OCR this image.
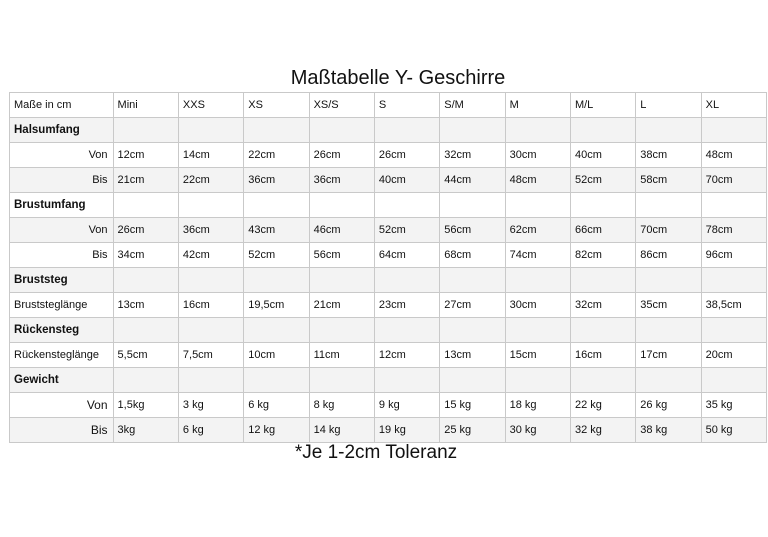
Maßtabelle Y- Geschirre
Maße in cm	Mini	XXS	XS	XS/S	S	S/M	M	M/L	L	XL
Halsumfang										
Von	12cm	14cm	22cm	26cm	26cm	32cm	30cm	40cm	38cm	48cm
Bis	21cm	22cm	36cm	36cm	40cm	44cm	48cm	52cm	58cm	70cm
Brustumfang										
Von	26cm	36cm	43cm	46cm	52cm	56cm	62cm	66cm	70cm	78cm
Bis	34cm	42cm	52cm	56cm	64cm	68cm	74cm	82cm	86cm	96cm
Bruststeg										
Bruststeglänge	13cm	16cm	19,5cm	21cm	23cm	27cm	30cm	32cm	35cm	38,5cm
Rückensteg										
Rückensteglänge	5,5cm	7,5cm	10cm	11cm	12cm	13cm	15cm	16cm	17cm	20cm
Gewicht										
Von	1,5kg	3 kg	6 kg	8 kg	9 kg	15 kg	18 kg	22 kg	26 kg	35 kg
Bis	3kg	6 kg	12 kg	14 kg	19 kg	25 kg	30 kg	32 kg	38 kg	50 kg
*Je 1-2cm Toleranz
